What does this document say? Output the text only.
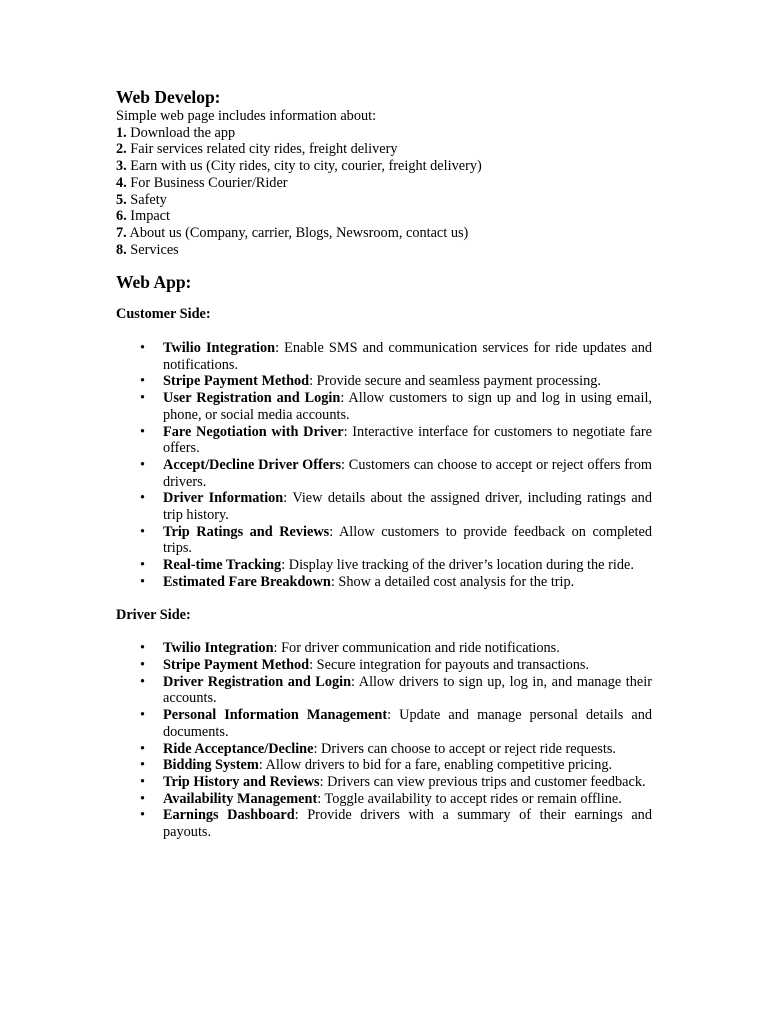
Web Develop:

Simple web page includes information about:

1. Download the app
2. Fair services related city rides, freight delivery
3. Earn with us (City rides, city to city, courier, freight delivery)
4. For Business Courier/Rider
5. Safety
6. Impact
7. About us (Company, carrier, Blogs, Newsroom, contact us)
8. Services
Web App:
Customer Side:
• Twilio Integration: Enable SMS and communication services for ride updates and notifications.
• Stripe Payment Method: Provide secure and seamless payment processing.
• User Registration and Login: Allow customers to sign up and log in using email, phone, or social media accounts.
• Fare Negotiation with Driver: Interactive interface for customers to negotiate fare offers.
• Accept/Decline Driver Offers: Customers can choose to accept or reject offers from drivers.
• Driver Information: View details about the assigned driver, including ratings and trip history.
• Trip Ratings and Reviews: Allow customers to provide feedback on completed trips.
• Real-time Tracking: Display live tracking of the driver’s location during the ride.
• Estimated Fare Breakdown: Show a detailed cost analysis for the trip.
Driver Side:
• Twilio Integration: For driver communication and ride notifications.
• Stripe Payment Method: Secure integration for payouts and transactions.
• Driver Registration and Login: Allow drivers to sign up, log in, and manage their accounts.
• Personal Information Management: Update and manage personal details and documents.
• Ride Acceptance/Decline: Drivers can choose to accept or reject ride requests.
• Bidding System: Allow drivers to bid for a fare, enabling competitive pricing.
• Trip History and Reviews: Drivers can view previous trips and customer feedback.
• Availability Management: Toggle availability to accept rides or remain offline.
• Earnings Dashboard: Provide drivers with a summary of their earnings and payouts.
